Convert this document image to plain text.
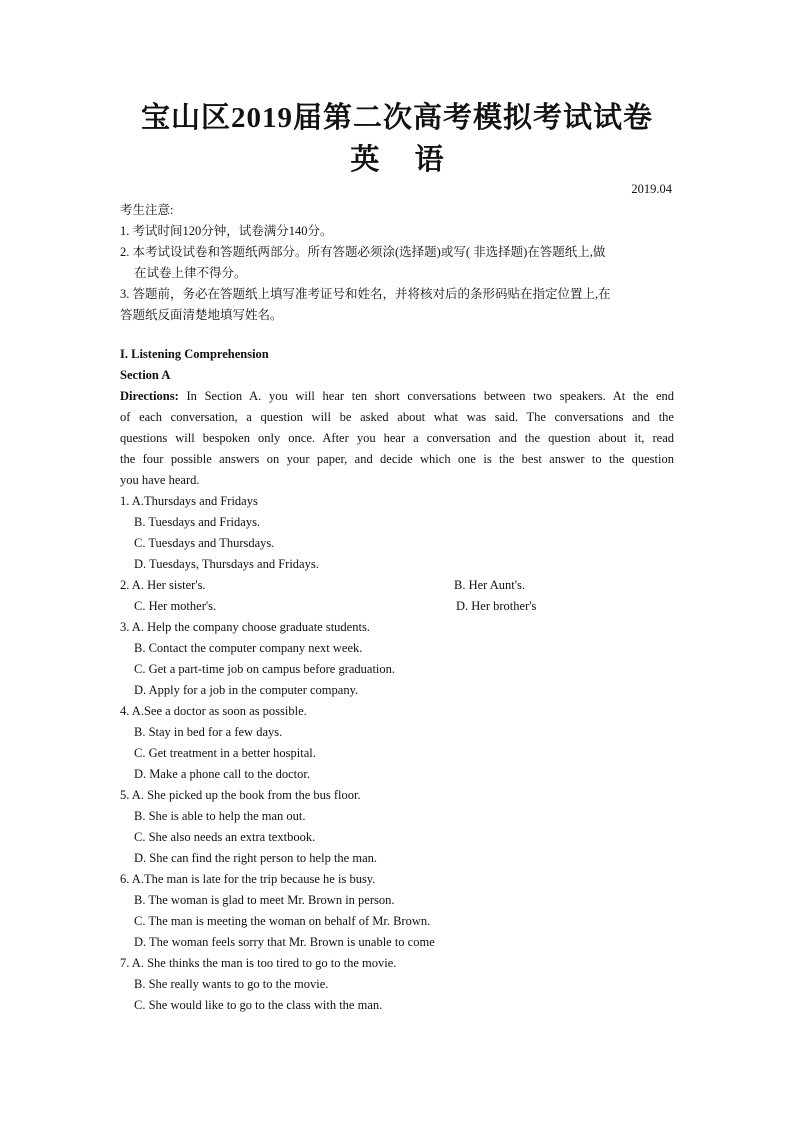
宝山区2019届第二次高考模拟考试试卷
英 语
2019.04
考生注意:
1. 考试时间120分钟，试卷满分140分。
2. 本考试设试卷和答题纸两部分。所有答题必须涂(选择题)或写( 非选择题)在答题纸上,做
在试卷上律不得分。
3. 答题前，务必在答题纸上填写准考证号和姓名，并将核对后的条形码贴在指定位置上,在
答题纸反面清楚地填写姓名。
I. Listening Comprehension
Section A
Directions: In Section A. you will hear ten short conversations between two speakers. At the end
of each conversation, a question will be asked about what was said. The conversations and the
questions will bespoken only once. After you hear a conversation and the question about it, read
the four possible answers on your paper, and decide which one is the best answer to the question
you have heard.
1. A.Thursdays and Fridays
B. Tuesdays and Fridays.
C. Tuesdays and Thursdays.
D. Tuesdays, Thursdays and Fridays.
2. A. Her sister's.	B. Her Aunt's.
C. Her mother's.	D. Her brother's
3. A. Help the company choose graduate students.
B. Contact the computer company next week.
C. Get a part-time job on campus before graduation.
D. Apply for a job in the computer company.
4. A.See a doctor as soon as possible.
B. Stay in bed for a few days.
C. Get treatment in a better hospital.
D. Make a phone call to the doctor.
5. A. She picked up the book from the bus floor.
B. She is able to help the man out.
C. She also needs an extra textbook.
D. She can find the right person to help the man.
6. A.The man is late for the trip because he is busy.
B. The woman is glad to meet Mr. Brown in person.
C. The man is meeting the woman on behalf of Mr. Brown.
D. The woman feels sorry that Mr. Brown is unable to come
7. A. She thinks the man is too tired to go to the movie.
B. She really wants to go to the movie.
C. She would like to go to the class with the man.
